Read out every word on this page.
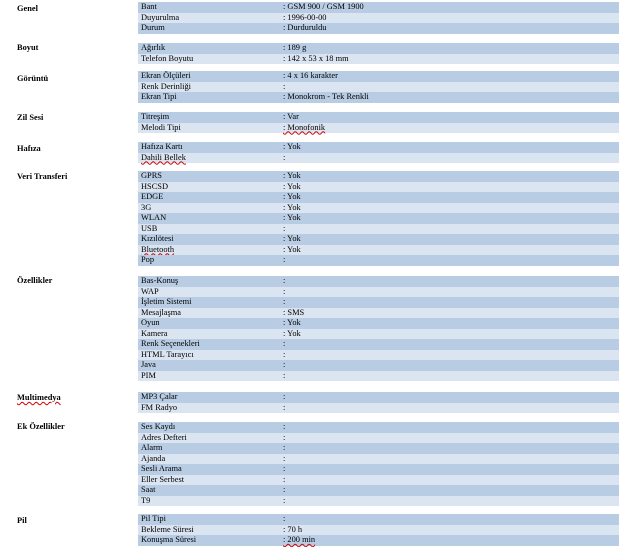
Genel	Bant	: GSM 900 / GSM 1900
Duyurulma	: 1996-00-00
Durum	: Durduruldu
Boyut	Ağırlık	: 189 g
Telefon Boyutu	: 142 x 53 x 18 mm
Görüntü	Ekran Ölçüleri	: 4 x 16 karakter
Renk Derinliği	:
Ekran Tipi	: Monokrom - Tek Renkli
Zil Sesi	Titreşim	: Var
Melodi Tipi	: Monofonik
Hafıza	Hafıza Kartı	: Yok
Dahili Bellek	:
Veri Transferi	GPRS	: Yok
HSCSD	: Yok
EDGE	: Yok
3G	: Yok
WLAN	: Yok
USB	:
Kızılötesi	: Yok
Bluetooth	: Yok
Pop	:
Özellikler	Bas-Konuş	:
WAP	:
İşletim Sistemi	:
Mesajlaşma	: SMS
Oyun	: Yok
Kamera	: Yok
Renk Seçenekleri	:
HTML Tarayıcı	:
Java	:
PIM	:
Multimedya	MP3 Çalar	:
FM Radyo	:
Ek Özellikler	Ses Kaydı	:
Adres Defteri	:
Alarm	:
Ajanda	:
Sesli Arama	:
Eller Serbest	:
Saat	:
T9	:
Pil	Pil Tipi	:
Bekleme Süresi	: 70 h
Konuşma Süresi	: 200 min
